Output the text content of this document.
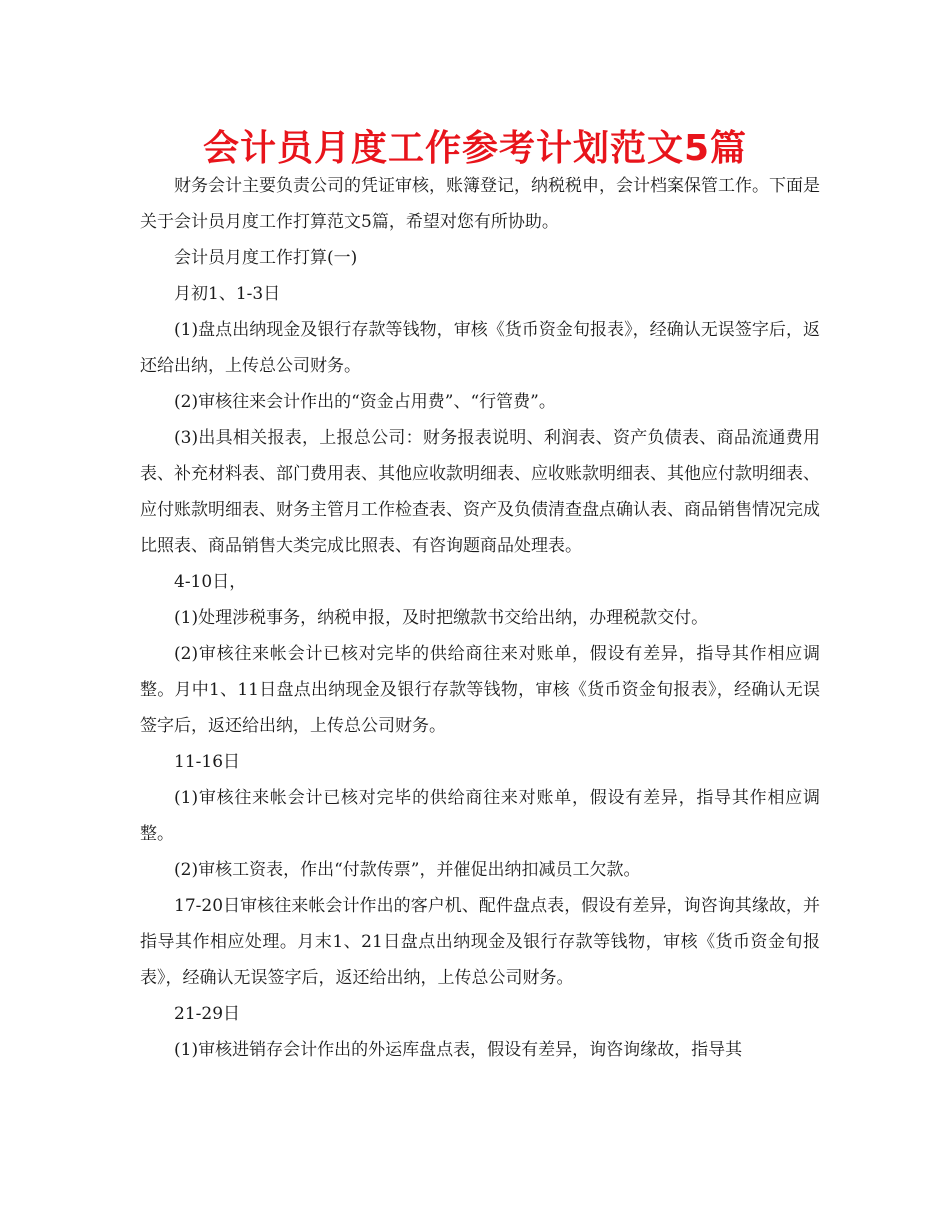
会计员月度工作参考计划范文5篇

财务会计主要负责公司的凭证审核，账簿登记，纳税税申，会计档案保管工作。下面是关于会计员月度工作打算范文5篇，希望对您有所协助。

会计员月度工作打算(一)

月初1、1-3日

(1)盘点出纳现金及银行存款等钱物，审核《货币资金旬报表》，经确认无误签字后，返还给出纳，上传总公司财务。

(2)审核往来会计作出的“资金占用费”、“行管费”。

(3)出具相关报表，上报总公司：财务报表说明、利润表、资产负债表、商品流通费用表、补充材料表、部门费用表、其他应收款明细表、应收账款明细表、其他应付款明细表、应付账款明细表、财务主管月工作检查表、资产及负债清查盘点确认表、商品销售情况完成比照表、商品销售大类完成比照表、有咨询题商品处理表。

4-10日，

(1)处理涉税事务，纳税申报，及时把缴款书交给出纳，办理税款交付。

(2)审核往来帐会计已核对完毕的供给商往来对账单，假设有差异，指导其作相应调整。月中1、11日盘点出纳现金及银行存款等钱物，审核《货币资金旬报表》，经确认无误签字后，返还给出纳，上传总公司财务。

11-16日

(1)审核往来帐会计已核对完毕的供给商往来对账单，假设有差异，指导其作相应调整。

(2)审核工资表，作出“付款传票”，并催促出纳扣减员工欠款。

17-20日审核往来帐会计作出的客户机、配件盘点表，假设有差异，询咨询其缘故，并指导其作相应处理。月末1、21日盘点出纳现金及银行存款等钱物，审核《货币资金旬报表》，经确认无误签字后，返还给出纳，上传总公司财务。

21-29日

(1)审核进销存会计作出的外运库盘点表，假设有差异，询咨询缘故，指导其
